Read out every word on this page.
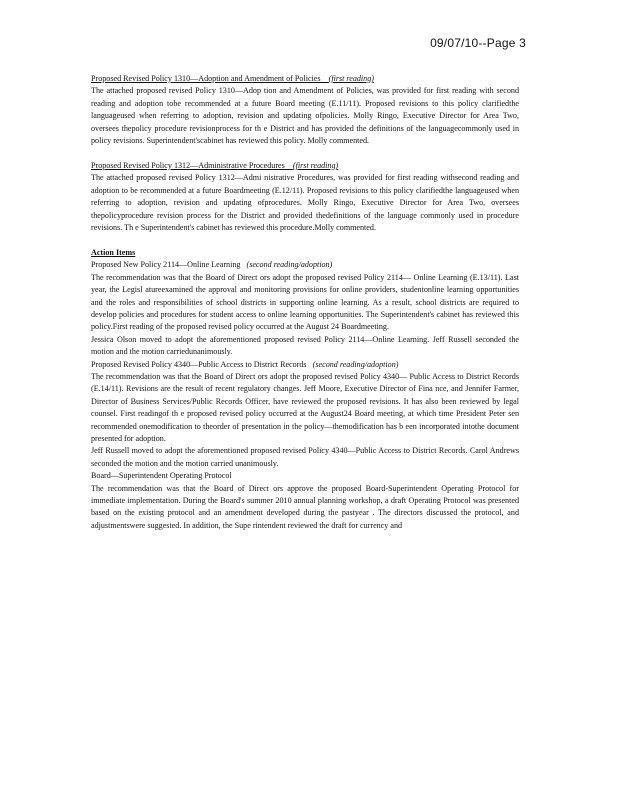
09/07/10--Page 3
Proposed Revised Policy 1310—Adoption and Amendment of Policies (first reading)

The attached proposed revised Policy 1310—Adop tion and Amendment of Policies, was provided for first reading with second reading and adoption tobe recommended at a future Board meeting (E.11/11). Proposed revisions to this policy clarifiedthe languageused when referring to adoption, revision and updating ofpolicies. Molly Ringo, Executive Director for Area Two, oversees thepolicy procedure revisionprocess for th e District and has provided the definitions of the languagecommonly used in policy revisions. Superintendent'scabinet has reviewed this policy. Molly commented.

Proposed Revised Policy 1312—Administrative Procedures (first reading)

The attached proposed revised Policy 1312—Admi nistrative Procedures, was provided for first reading withsecond reading and adoption to be recommended at a future Boardmeeting (E.12/11). Proposed revisions to this policy clarifiedthe languageused when referring to adoption, revision and updating ofprocedures. Molly Ringo, Executive Director for Area Two, oversees thepolicyprocedure revision process for the District and provided thedefinitions of the language commonly used in procedure revisions. Th e Superintendent's cabinet has reviewed this procedure.Molly commented.

Action Items
Proposed New Policy 2114—Online Learning (second reading/adoption)

The recommendation was that the Board of Direct ors adopt the proposed revised Policy 2114— Online Learning (E.13/11). Last year, the Legisl atureexamined the approval and monitoring provisions for online providers, studentonline learning opportunities and the roles and responsibilities of school districts in supporting online learning. As a result, school districts are required to develop policies and procedures for student access to online learning opportunities. The Superintendent's cabinet has reviewed this policy.First reading of the proposed revised policy occurred at the August 24 Boardmeeting.

Jessica Olson moved to adopt the aforementioned proposed revised Policy 2114—Online Learning. Jeff Russell seconded the motion and the motion carriedunanimously.

Proposed Revised Policy 4340—Public Access to District Records (second reading/adoption)

The recommendation was that the Board of Direct ors adopt the proposed revised Policy 4340— Public Access to District Records (E.14/11). Revisions are the result of recent regulatory changes. Jeff Moore, Executive Director of Fina nce, and Jennifer Farmer, Director of Business Services/Public Records Officer, have reviewed the proposed revisions. It has also been reviewed by legal counsel. First readingof th e proposed revised policy occurred at the August24 Board meeting, at which time President Peter sen recommended onemodification to theorder of presentation in the policy—themodification has b een incorporated intothe document presented for adoption.

Jeff Russell moved to adopt the aforementioned proposed revised Policy 4340—Public Access to District Records. Carol Andrews seconded the motion and the motion carried unanimously.

Board—Superintendent Operating Protocol

The recommendation was that the Board of Direct ors approve the proposed Board-Superintendent Operating Protocol for immediate implementation. During the Board's summer 2010 annual planning workshop, a draft Operating Protocol was presented based on the existing protocol and an amendment developed during the pastyear . The directors discussed the protocol, and adjustmentswere suggested. In addition, the Supe rintendent reviewed the draft for currency and
